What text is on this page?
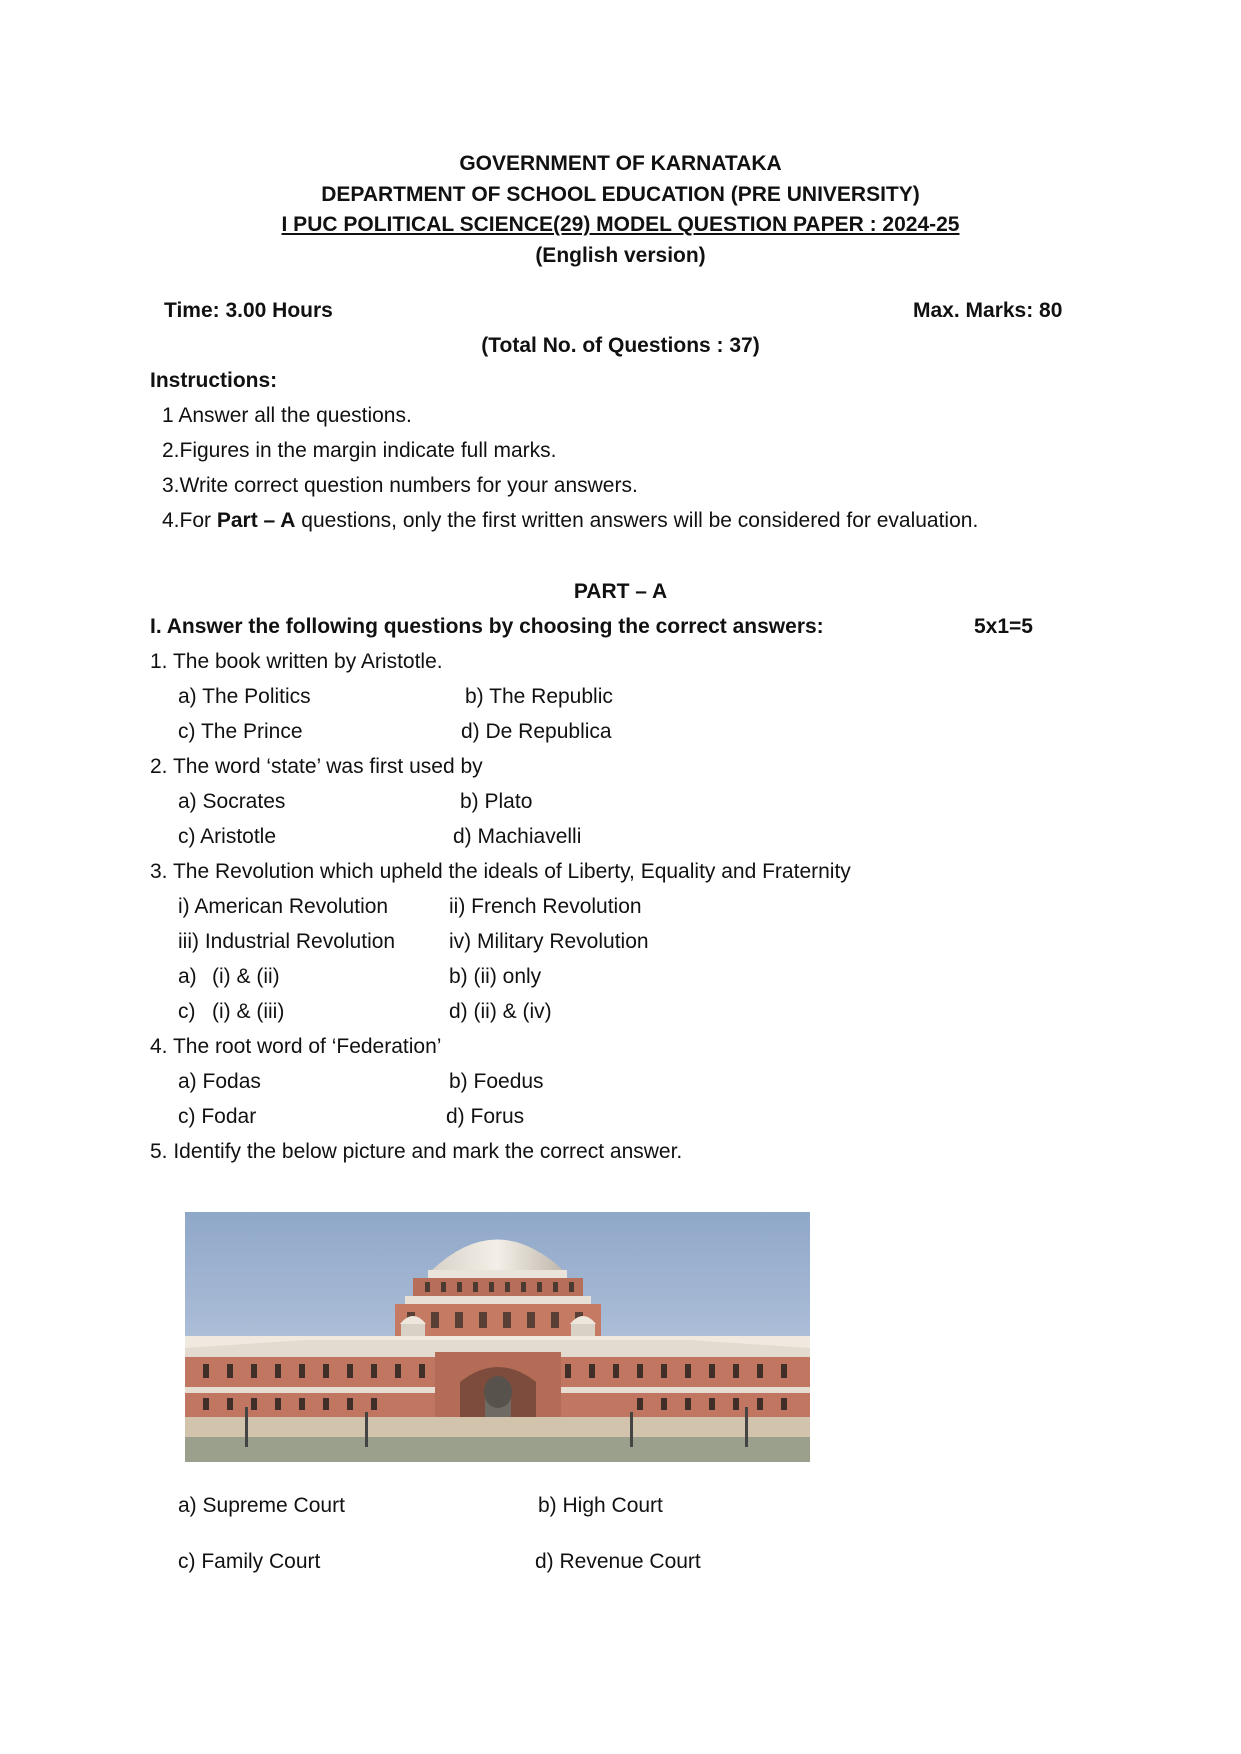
GOVERNMENT OF KARNATAKA
DEPARTMENT OF SCHOOL EDUCATION (PRE UNIVERSITY)
I PUC POLITICAL SCIENCE(29) MODEL QUESTION PAPER : 2024-25
(English version)
Time: 3.00 Hours	Max. Marks: 80
(Total No. of Questions : 37)
Instructions:
1 Answer all the questions.
2.Figures in the margin indicate full marks.
3.Write correct question numbers for your answers.
4.For Part – A questions, only the first written answers will be considered for evaluation.
PART – A
I. Answer the following questions by choosing the correct answers:	5x1=5
1. The book written by Aristotle.
a) The Politics	b) The Republic
c) The Prince	d) De Republica
2. The word ‘state’ was first used by
a) Socrates	b) Plato
c) Aristotle	d) Machiavelli
3. The Revolution which upheld the ideals of Liberty, Equality and Fraternity
i) American Revolution	ii) French Revolution
iii) Industrial Revolution	iv) Military Revolution
a) (i) & (ii)	b) (ii) only
c) (i) & (iii)	d) (ii) & (iv)
4. The root word of ‘Federation’
a) Fodas	b) Foedus
c) Fodar	d) Forus
5. Identify the below picture and mark the correct answer.
a) Supreme Court	b) High Court
c) Family Court	d) Revenue Court
